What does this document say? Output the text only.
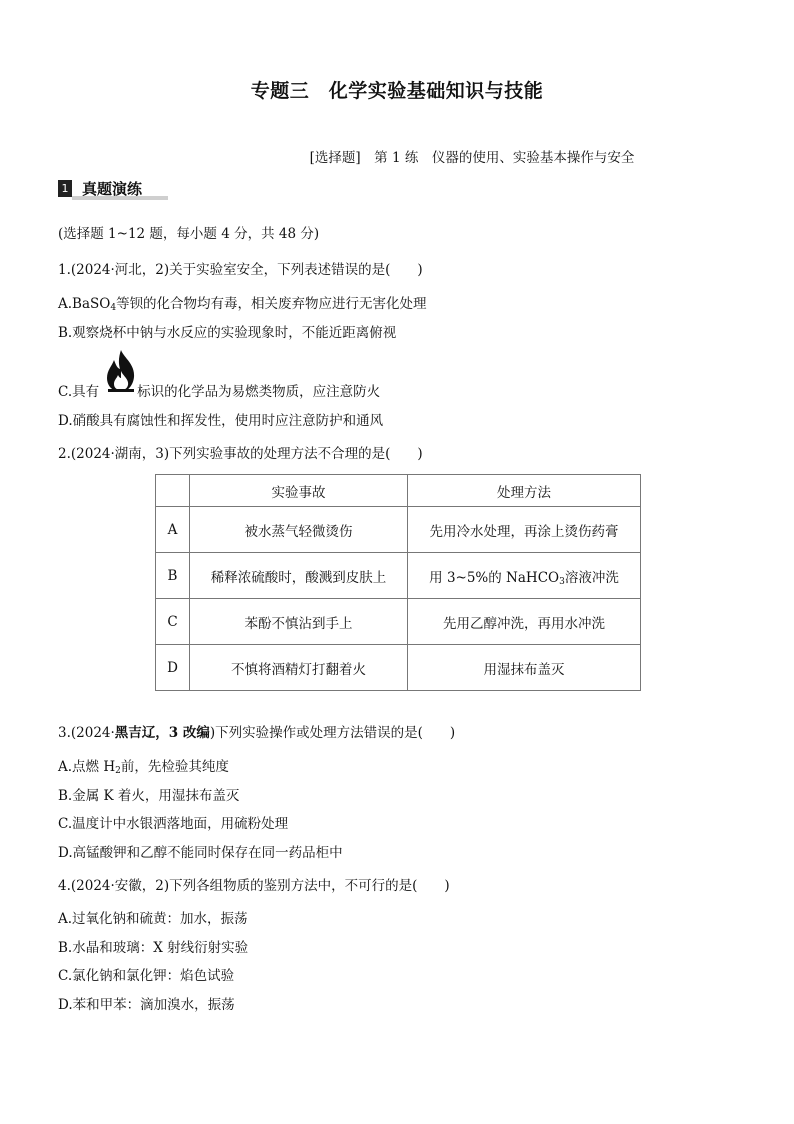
专题三　化学实验基础知识与技能
[选择题]　第 1 练　仪器的使用、实验基本操作与安全
1 真题演练
(选择题 1~12 题，每小题 4 分，共 48 分)
1.(2024·河北，2)关于实验室安全，下列表述错误的是(　　)
A.BaSO$_4$等钡的化合物均有毒，相关废弃物应进行无害化处理
B.观察烧杯中钠与水反应的实验现象时，不能近距离俯视
C.具有	标识的化学品为易燃类物质，应注意防火
D.硝酸具有腐蚀性和挥发性，使用时应注意防护和通风
2.(2024·湖南，3)下列实验事故的处理方法不合理的是(　　)
	实验事故	处理方法
A	被水蒸气轻微烫伤	先用冷水处理，再涂上烫伤药膏
B	稀释浓硫酸时，酸溅到皮肤上	用 3~5%的 NaHCO$_3$溶液冲洗
C	苯酚不慎沾到手上	先用乙醇冲洗，再用水冲洗
D	不慎将酒精灯打翻着火	用湿抹布盖灭
3.(2024·黑吉辽，3 改编)下列实验操作或处理方法错误的是(　　)
A.点燃 $H_2$前，先检验其纯度
B.金属 K 着火，用湿抹布盖灭
C.温度计中水银洒落地面，用硫粉处理
D.高锰酸钾和乙醇不能同时保存在同一药品柜中
4.(2024·安徽，2)下列各组物质的鉴别方法中，不可行的是(　　)
A.过氧化钠和硫黄：加水，振荡
B.水晶和玻璃：X 射线衍射实验
C.氯化钠和氯化钾：焰色试验
D.苯和甲苯：滴加溴水，振荡
